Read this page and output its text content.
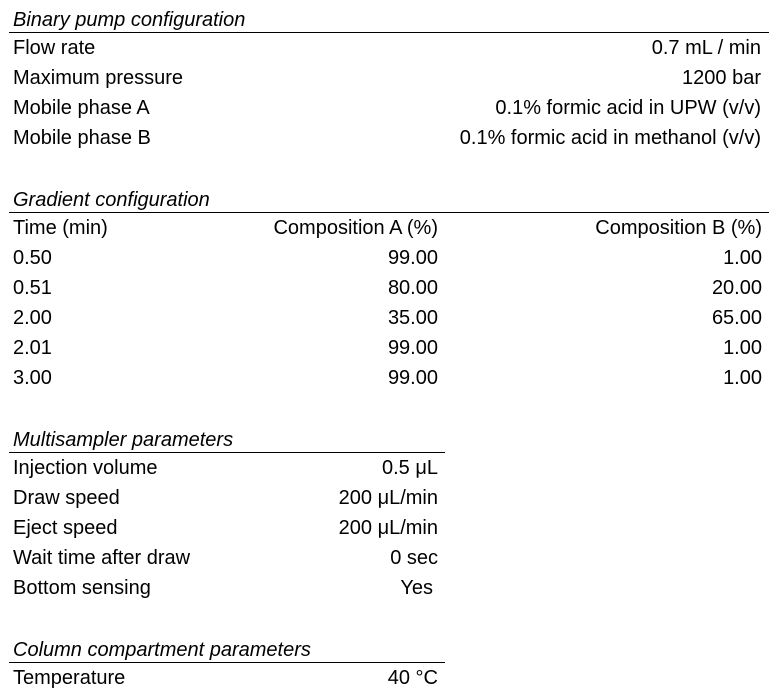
Binary pump configuration
Flow rate	0.7 mL / min
Maximum pressure	1200 bar
Mobile phase A	0.1% formic acid in UPW (v/v)
Mobile phase B	0.1% formic acid in methanol (v/v)
Gradient configuration
Time (min)	Composition A (%)	Composition B (%)
0.50	99.00	1.00
0.51	80.00	20.00
2.00	35.00	65.00
2.01	99.00	1.00
3.00	99.00	1.00
Multisampler parameters
Injection volume	0.5 μL
Draw speed	200 μL/min
Eject speed	200 μL/min
Wait time after draw	0 sec
Bottom sensing	Yes
Column compartment parameters
Temperature	40 °C
